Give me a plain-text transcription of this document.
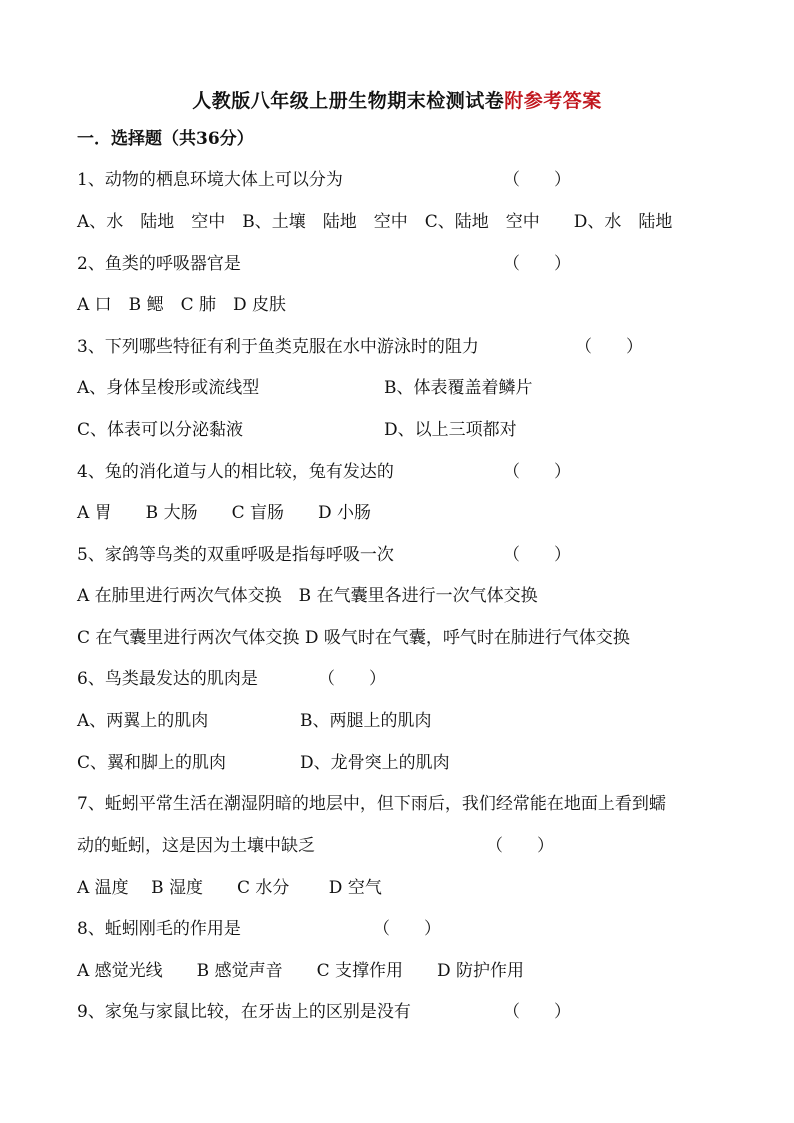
人教版八年级上册生物期末检测试卷附参考答案
一．选择题（共36分）
1、动物的栖息环境大体上可以分为	（　　）
A、水　陆地　空中　B、土壤　陆地　空中　C、陆地　空中　　D、水　陆地
2、鱼类的呼吸器官是	（　　）
A 口　B 鳃　C 肺　D 皮肤
3、下列哪些特征有利于鱼类克服在水中游泳时的阻力	（　　）
A、身体呈梭形或流线型	B、体表覆盖着鳞片
C、体表可以分泌黏液	D、以上三项都对
4、兔的消化道与人的相比较，兔有发达的	（　　）
A 胃　　B 大肠　　C 盲肠　　D 小肠
5、家鸽等鸟类的双重呼吸是指每呼吸一次	（　　）
A 在肺里进行两次气体交换　B 在气囊里各进行一次气体交换
C 在气囊里进行两次气体交换 D 吸气时在气囊，呼气时在肺进行气体交换
6、鸟类最发达的肌肉是	（　　）
A、两翼上的肌肉	B、两腿上的肌肉
C、翼和脚上的肌肉	D、龙骨突上的肌肉
7、蚯蚓平常生活在潮湿阴暗的地层中，但下雨后，我们经常能在地面上看到蠕
动的蚯蚓，这是因为土壤中缺乏	（　　）
A 温度　 B 湿度　　C 水分　　 D 空气
8、蚯蚓刚毛的作用是	（　　）
A 感觉光线　　B 感觉声音　　C 支撑作用　　D 防护作用
9、家兔与家鼠比较，在牙齿上的区别是没有	（　　）
